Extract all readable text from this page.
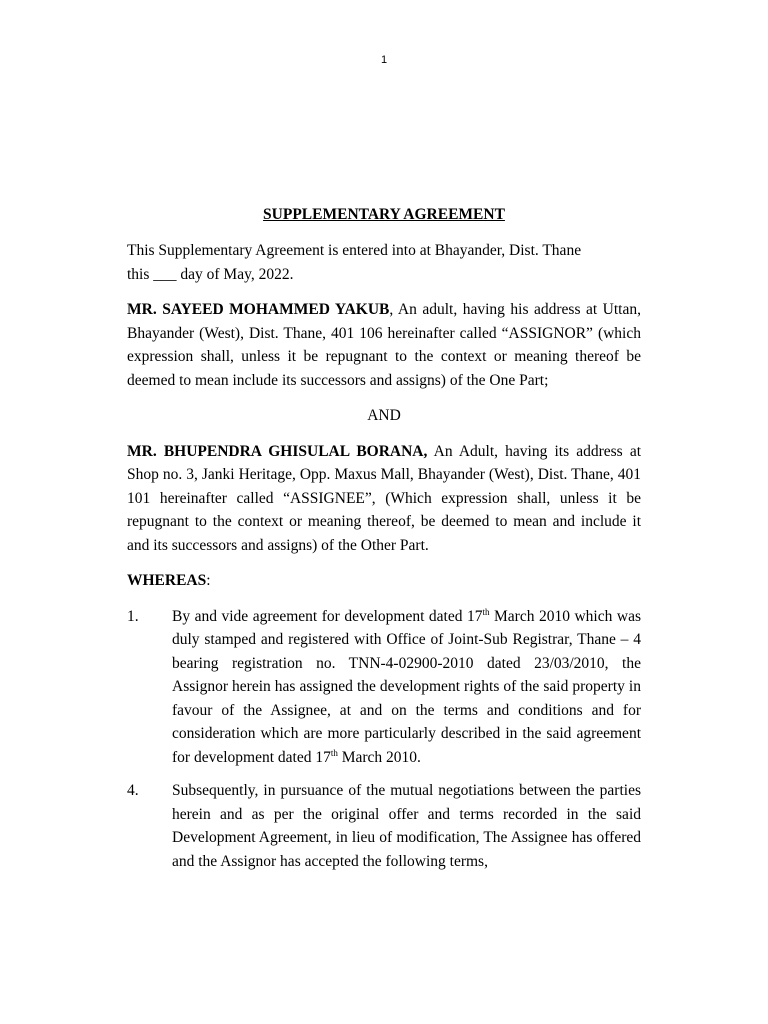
1
SUPPLEMENTARY AGREEMENT

This Supplementary Agreement is entered into at Bhayander, Dist. Thane
this ___ day of May, 2022.

MR. SAYEED MOHAMMED YAKUB, An adult, having his address at Uttan, Bhayander (West), Dist. Thane, 401 106 hereinafter called “ASSIGNOR” (which expression shall, unless it be repugnant to the context or meaning thereof be deemed to mean include its successors and assigns) of the One Part;

AND

MR. BHUPENDRA GHISULAL BORANA, An Adult, having its address at Shop no. 3, Janki Heritage, Opp. Maxus Mall, Bhayander (West), Dist. Thane, 401 101 hereinafter called “ASSIGNEE”, (Which expression shall, unless it be repugnant to the context or meaning thereof, be deemed to mean and include it and its successors and assigns) of the Other Part.

WHEREAS:

1.	By and vide agreement for development dated 17th March 2010 which was duly stamped and registered with Office of Joint-Sub Registrar, Thane – 4 bearing registration no. TNN-4-02900-2010 dated 23/03/2010, the Assignor herein has assigned the development rights of the said property in favour of the Assignee, at and on the terms and conditions and for consideration which are more particularly described in the said agreement for development dated 17th March 2010.
4.	Subsequently, in pursuance of the mutual negotiations between the parties herein and as per the original offer and terms recorded in the said Development Agreement, in lieu of modification, The Assignee has offered and the Assignor has accepted the following terms,
